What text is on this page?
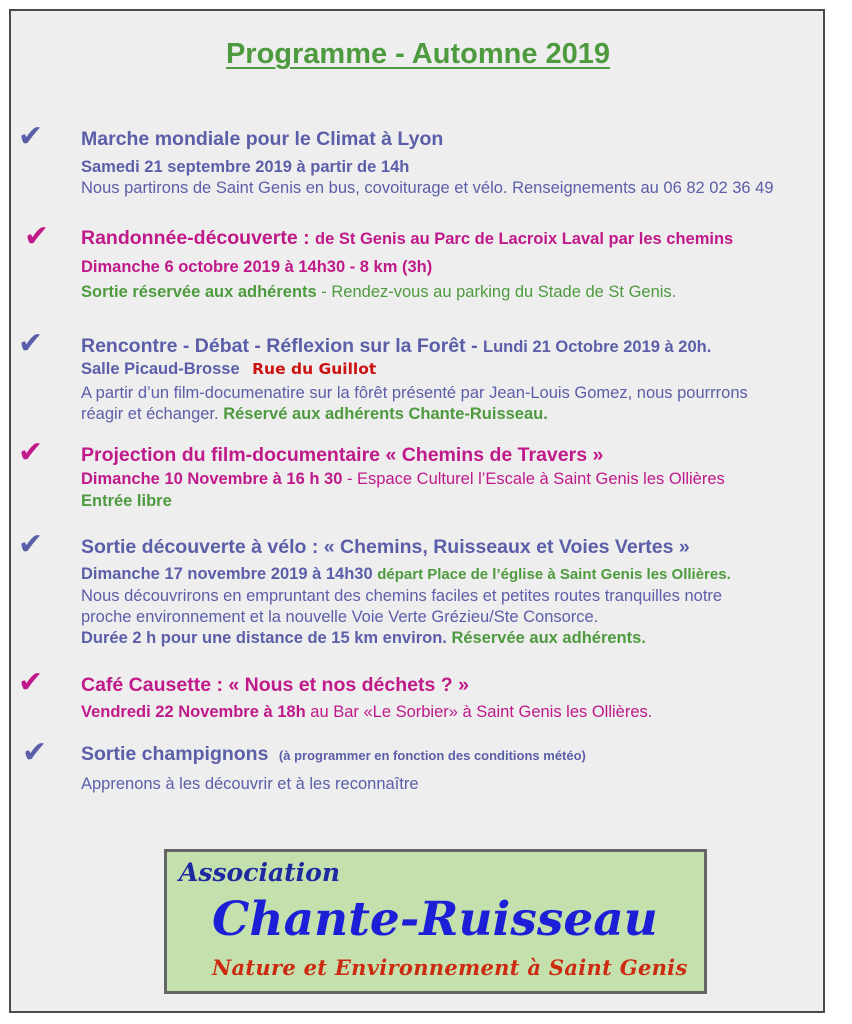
Programme - Automne 2019
✔ Marche mondiale pour le Climat à Lyon
Samedi 21 septembre 2019 à partir de 14h
Nous partirons de Saint Genis en bus, covoiturage et vélo. Renseignements au 06 82 02 36 49
✔ Randonnée-découverte : de St Genis au Parc de Lacroix Laval par les chemins
Dimanche 6 octobre 2019 à 14h30 - 8 km (3h)
Sortie réservée aux adhérents - Rendez-vous au parking du Stade de St Genis.
✔ Rencontre - Débat - Réflexion sur la Forêt - Lundi 21 Octobre 2019 à 20h.
Salle Picaud-Brosse Rue du Guillot
A partir d’un film-documenatire sur la fôrêt présenté par Jean-Louis Gomez, nous pourrrons
réagir et échanger. Réservé aux adhérents Chante-Ruisseau.
✔ Projection du film-documentaire « Chemins de Travers »
Dimanche 10 Novembre à 16 h 30 - Espace Culturel l’Escale à Saint Genis les Ollières
Entrée libre
✔ Sortie découverte à vélo : « Chemins, Ruisseaux et Voies Vertes »
Dimanche 17 novembre 2019 à 14h30 départ Place de l’église à Saint Genis les Ollières.
Nous découvrirons en empruntant des chemins faciles et petites routes tranquilles notre
proche environnement et la nouvelle Voie Verte Grézieu/Ste Consorce.
Durée 2 h pour une distance de 15 km environ. Réservée aux adhérents.
✔ Café Causette : « Nous et nos déchets ? »
Vendredi 22 Novembre à 18h au Bar «Le Sorbier» à Saint Genis les Ollières.
✔ Sortie champignons (à programmer en fonction des conditions météo)
Apprenons à les découvrir et à les reconnaître
Association
Chante-Ruisseau
Nature et Environnement à Saint Genis
